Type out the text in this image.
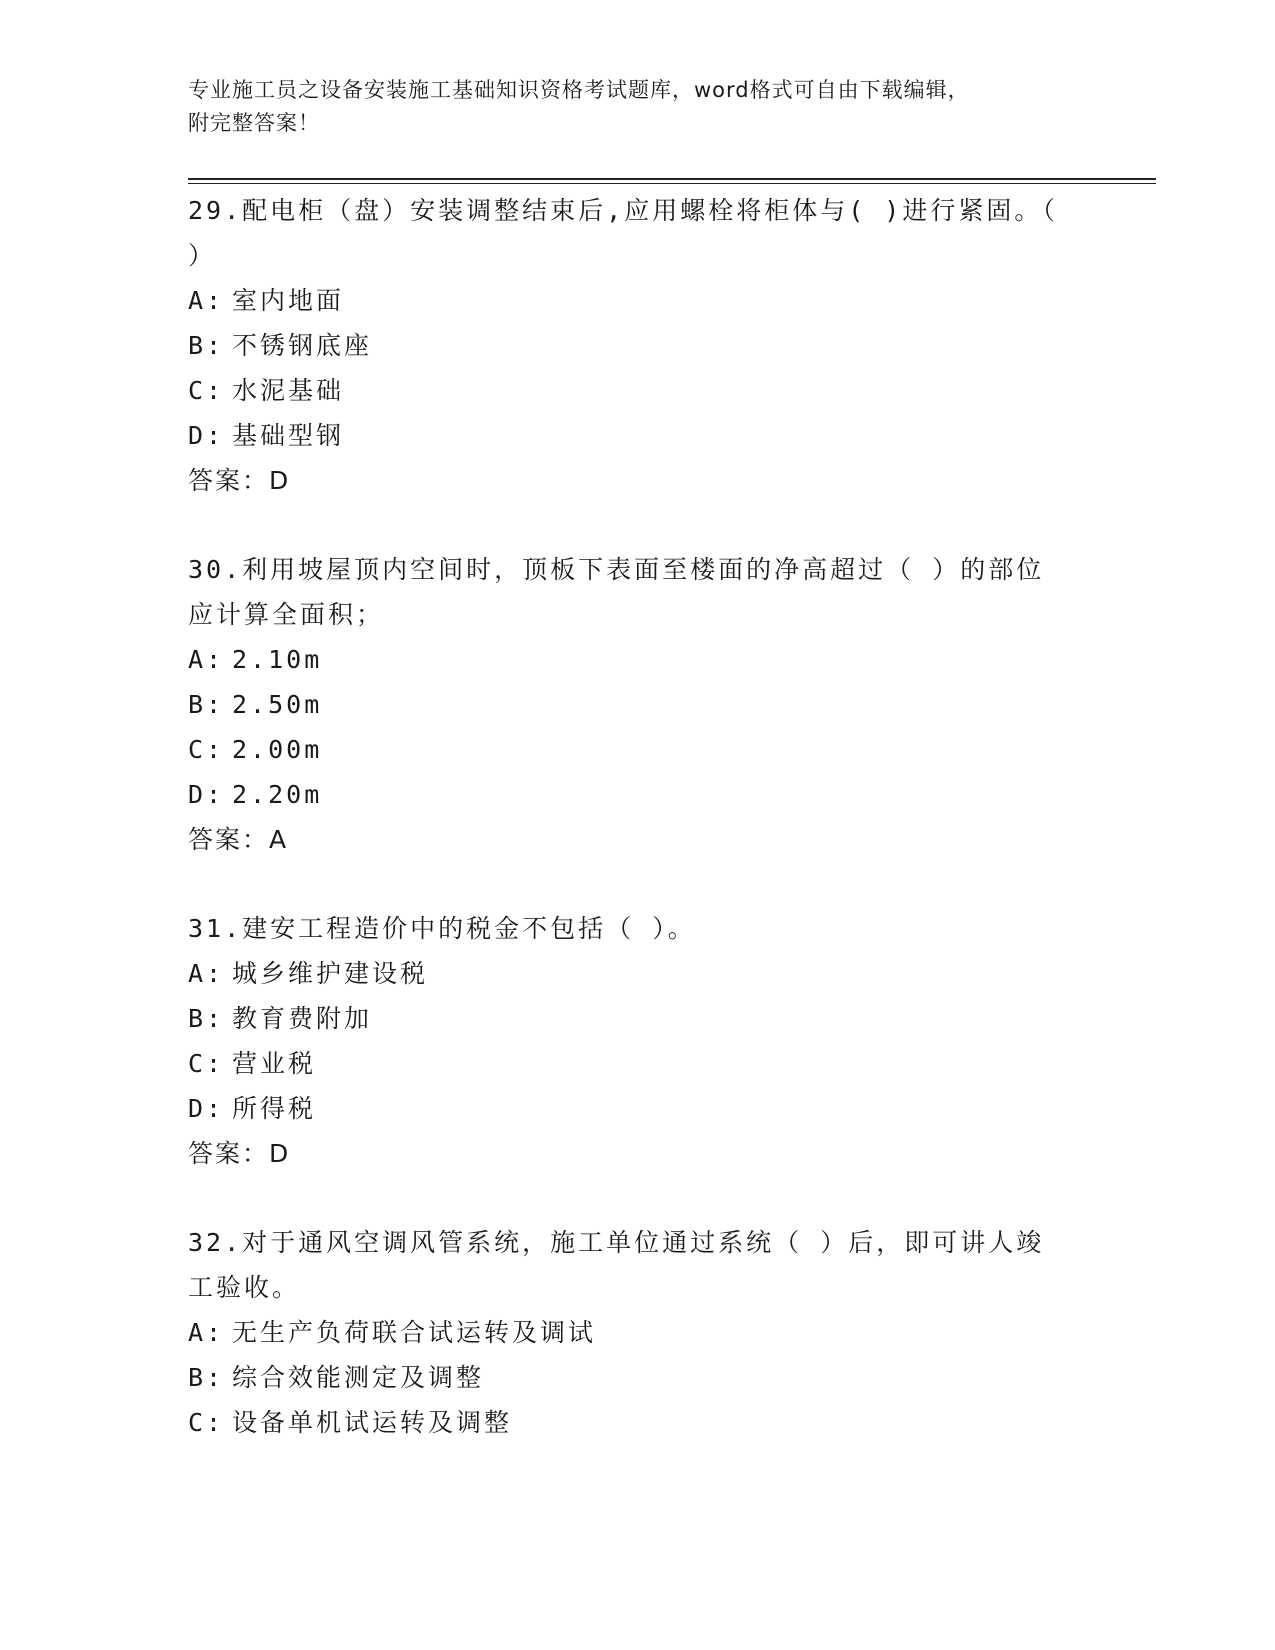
专业施工员之设备安装施工基础知识资格考试题库，word格式可自由下载编辑，
附完整答案！

29.配电柜（盘）安装调整结束后,应用螺栓将柜体与( )进行紧固。（ ）

A: 室内地面

B: 不锈钢底座

C: 水泥基础

D: 基础型钢

答案：D

30.利用坡屋顶内空间时，顶板下表面至楼面的净高超过（ ）的部位应计算全面积；

A: 2.10m

B: 2.50m

C: 2.00m

D: 2.20m

答案：A

31.建安工程造价中的税金不包括（ ）。

A: 城乡维护建设税

B: 教育费附加

C: 营业税

D: 所得税

答案：D

32.对于通风空调风管系统，施工单位通过系统（ ）后，即可讲人竣工验收。

A: 无生产负荷联合试运转及调试

B: 综合效能测定及调整

C: 设备单机试运转及调整
